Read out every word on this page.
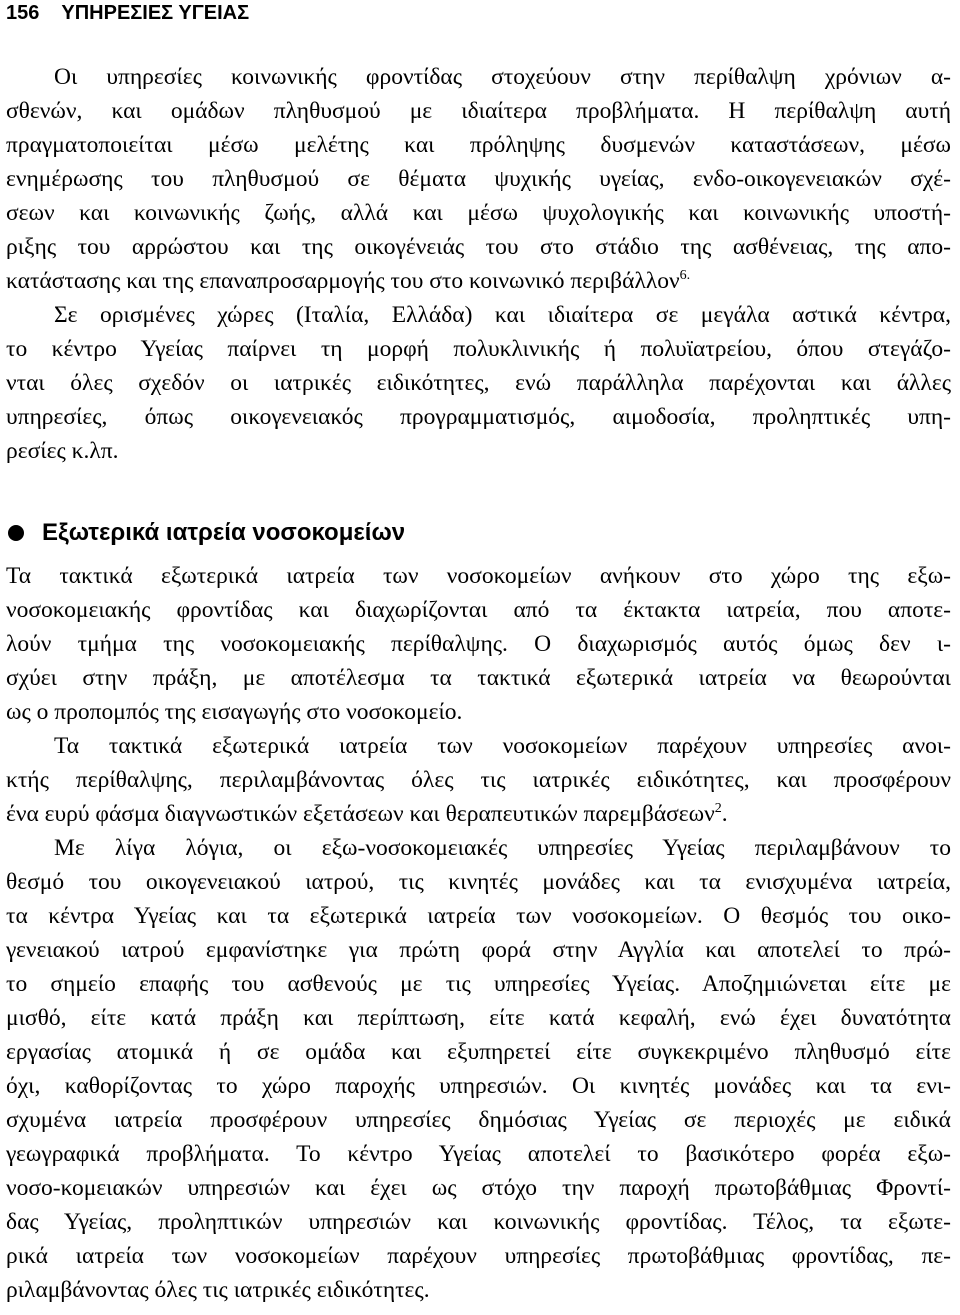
156 ΥΠΗΡΕΣΙΕΣ ΥΓΕΙΑΣ
Οι υπηρεσίες κοινωνικής φροντίδας στοχεύουν στην περίθαλψη χρόνιων α-
σθενών, και ομάδων πληθυσμού με ιδιαίτερα προβλήματα. Η περίθαλψη αυτή
πραγματοποιείται μέσω μελέτης και πρόληψης δυσμενών καταστάσεων, μέσω
ενημέρωσης του πληθυσμού σε θέματα ψυχικής υγείας, ενδο-οικογενειακών σχέ-
σεων και κοινωνικής ζωής, αλλά και μέσω ψυχολογικής και κοινωνικής υποστή-
ριξης του αρρώστου και της οικογένειάς του στο στάδιο της ασθένειας, της απο-
κατάστασης και της επαναπροσαρμογής του στο κοινωνικό περιβάλλον$^{6.}$
Σε ορισμένες χώρες (Ιταλία, Ελλάδα) και ιδιαίτερα σε μεγάλα αστικά κέντρα,
το κέντρο Υγείας παίρνει τη μορφή πολυκλινικής ή πολυϊατρείου, όπου στεγάζο-
νται όλες σχεδόν οι ιατρικές ειδικότητες, ενώ παράλληλα παρέχονται και άλλες
υπηρεσίες, όπως οικογενειακός προγραμματισμός, αιμοδοσία, προληπτικές υπη-
ρεσίες κ.λπ.
Εξωτερικά ιατρεία νοσοκομείων
Τα τακτικά εξωτερικά ιατρεία των νοσοκομείων ανήκουν στο χώρο της εξω-
νοσοκομειακής φροντίδας και διαχωρίζονται από τα έκτακτα ιατρεία, που αποτε-
λούν τμήμα της νοσοκομειακής περίθαλψης. Ο διαχωρισμός αυτός όμως δεν ι-
σχύει στην πράξη, με αποτέλεσμα τα τακτικά εξωτερικά ιατρεία να θεωρούνται
ως ο προπομπός της εισαγωγής στο νοσοκομείο.
Τα τακτικά εξωτερικά ιατρεία των νοσοκομείων παρέχουν υπηρεσίες ανοι-
κτής περίθαλψης, περιλαμβάνοντας όλες τις ιατρικές ειδικότητες, και προσφέρουν
ένα ευρύ φάσμα διαγνωστικών εξετάσεων και θεραπευτικών παρεμβάσεων$^2$.
Με λίγα λόγια, οι εξω-νοσοκομειακές υπηρεσίες Υγείας περιλαμβάνουν το
θεσμό του οικογενειακού ιατρού, τις κινητές μονάδες και τα ενισχυμένα ιατρεία,
τα κέντρα Υγείας και τα εξωτερικά ιατρεία των νοσοκομείων. Ο θεσμός του οικο-
γενειακού ιατρού εμφανίστηκε για πρώτη φορά στην Αγγλία και αποτελεί το πρώ-
το σημείο επαφής του ασθενούς με τις υπηρεσίες Υγείας. Αποζημιώνεται είτε με
μισθό, είτε κατά πράξη και περίπτωση, είτε κατά κεφαλή, ενώ έχει δυνατότητα
εργασίας ατομικά ή σε ομάδα και εξυπηρετεί είτε συγκεκριμένο πληθυσμό είτε
όχι, καθορίζοντας το χώρο παροχής υπηρεσιών. Οι κινητές μονάδες και τα ενι-
σχυμένα ιατρεία προσφέρουν υπηρεσίες δημόσιας Υγείας σε περιοχές με ειδικά
γεωγραφικά προβλήματα. Το κέντρο Υγείας αποτελεί το βασικότερο φορέα εξω-
νοσο-κομειακών υπηρεσιών και έχει ως στόχο την παροχή πρωτοβάθμιας Φροντί-
δας Υγείας, προληπτικών υπηρεσιών και κοινωνικής φροντίδας. Τέλος, τα εξωτε-
ρικά ιατρεία των νοσοκομείων παρέχουν υπηρεσίες πρωτοβάθμιας φροντίδας, πε-
ριλαμβάνοντας όλες τις ιατρικές ειδικότητες.
